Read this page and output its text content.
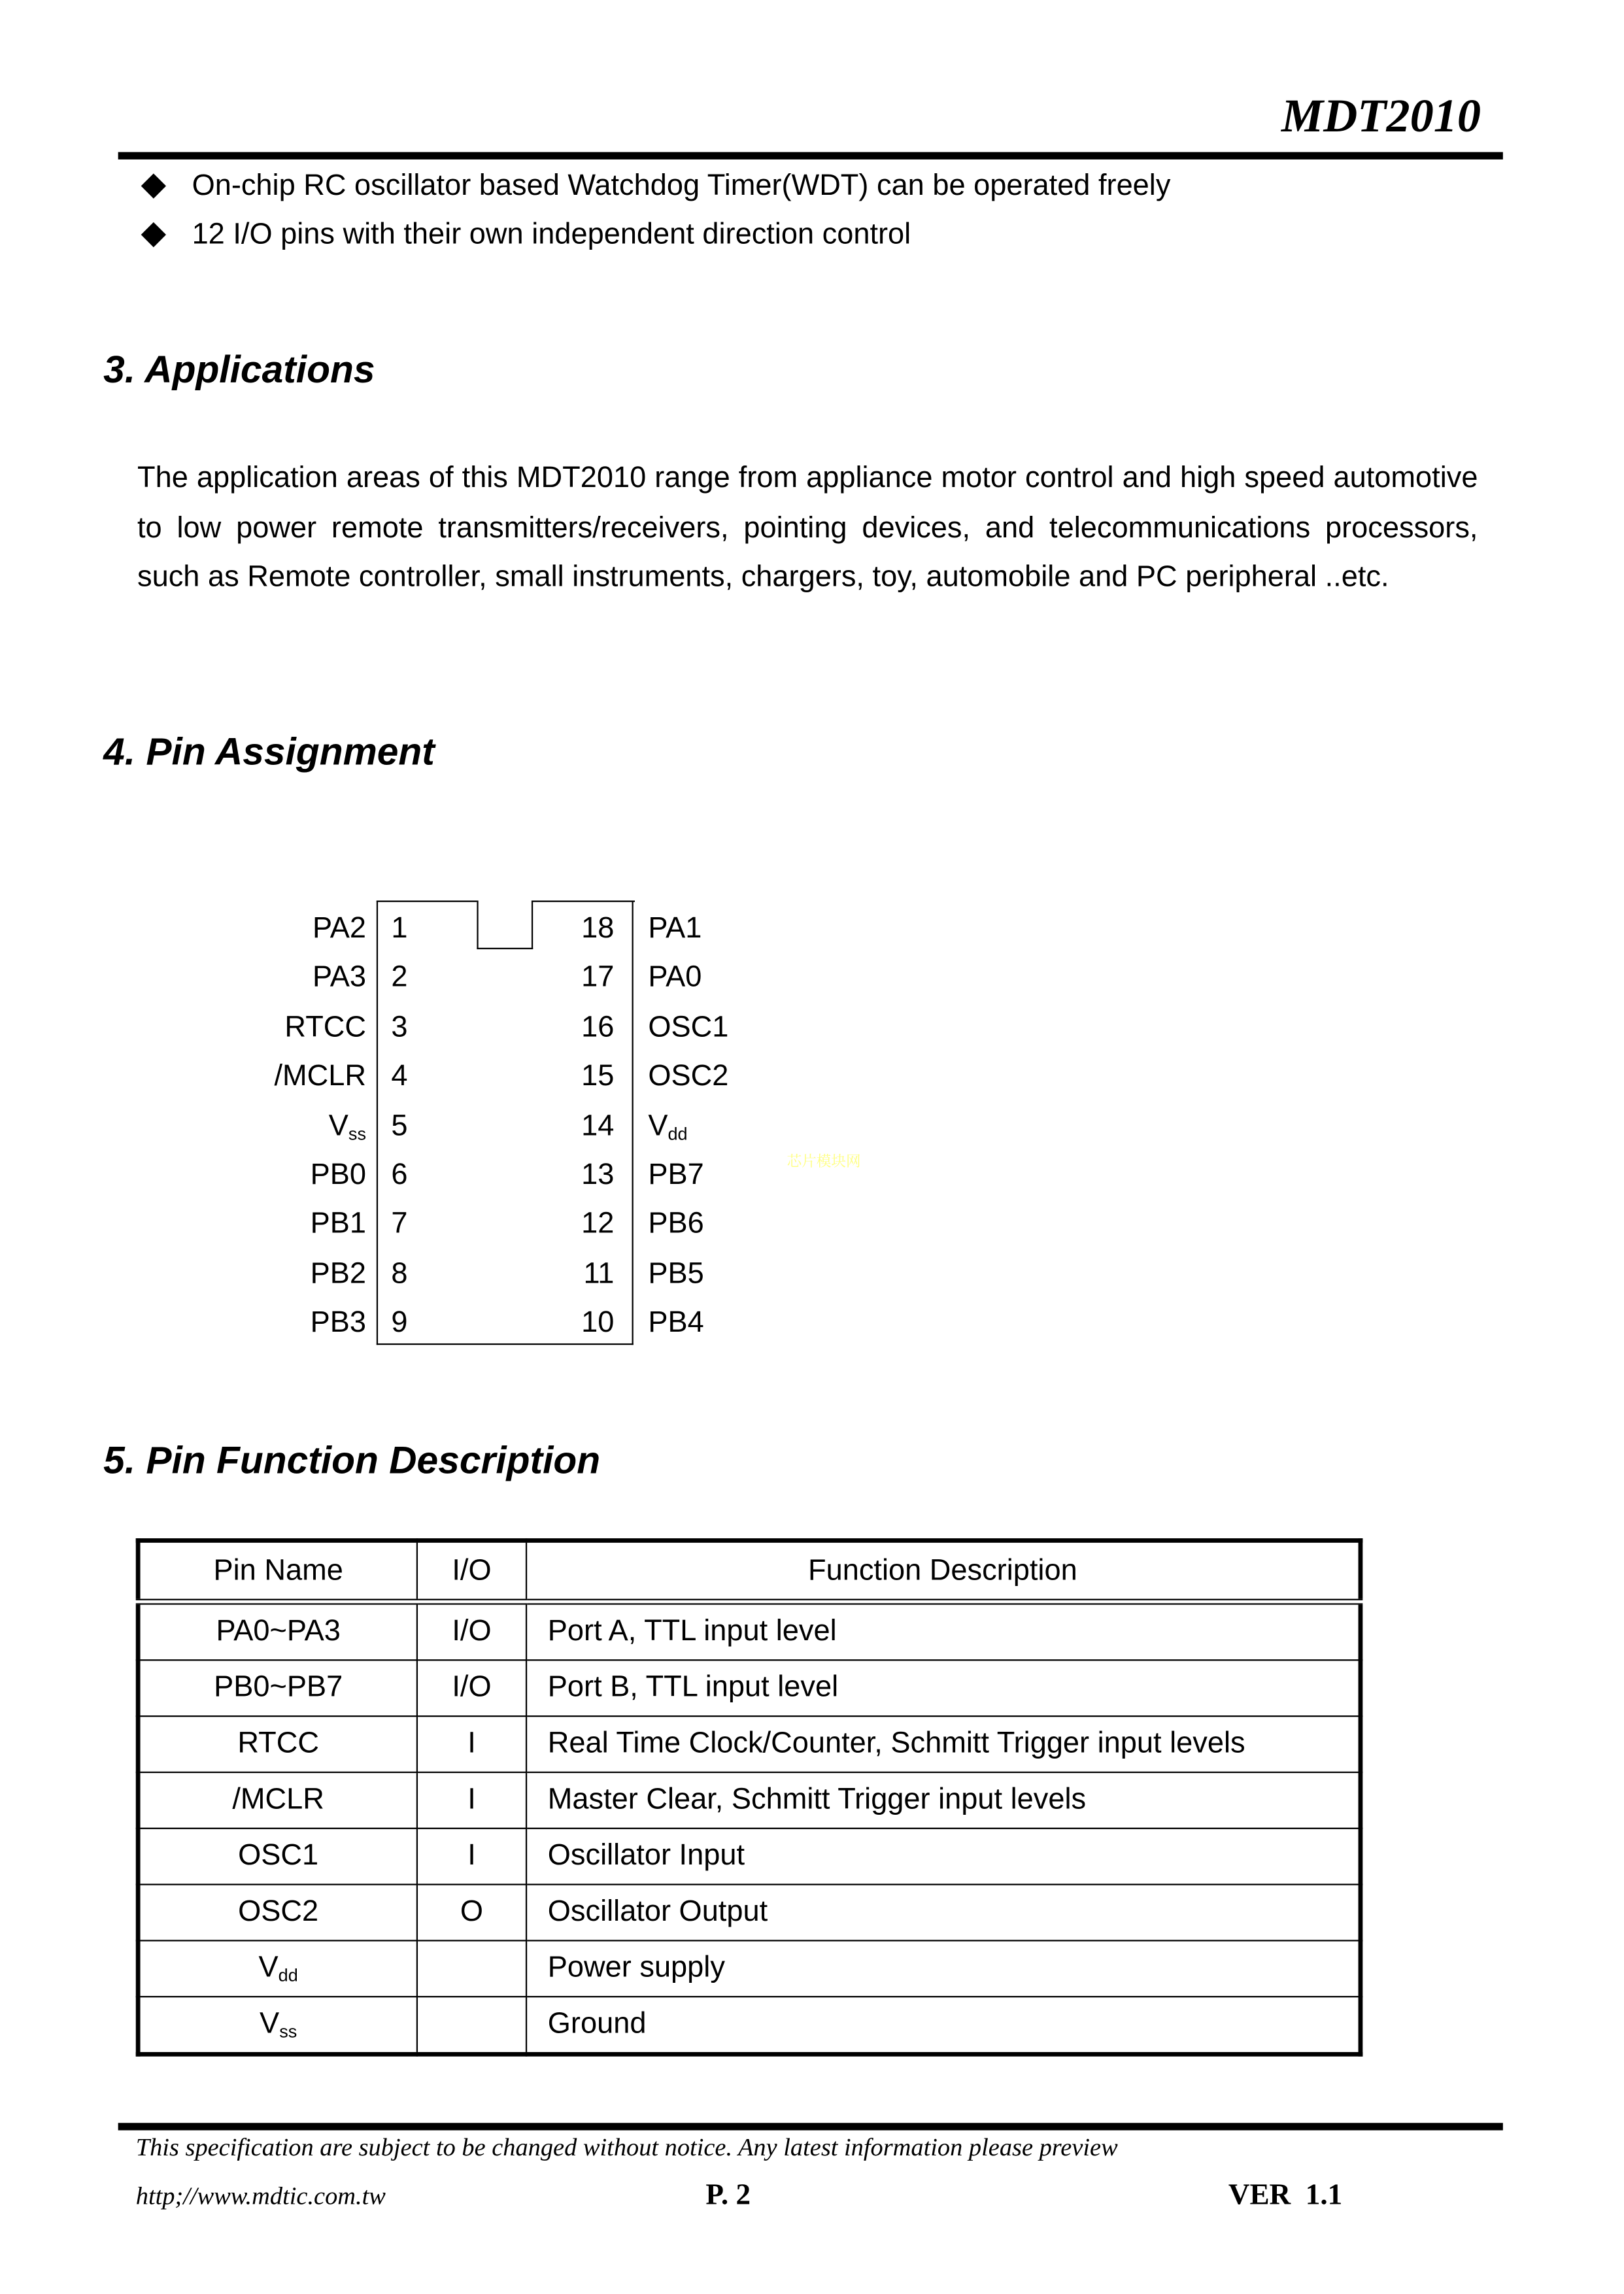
MDT2010
On-chip RC oscillator based Watchdog Timer(WDT) can be operated freely
12 I/O pins with their own independent direction control
3. Applications
The application areas of this MDT2010 range from appliance motor control and high speed automotive to low power remote transmitters/receivers, pointing devices, and telecommunications processors, such as Remote controller, small instruments, chargers, toy, automobile and PC peripheral ..etc.
4. Pin Assignment
PA2 1	18	PA1
PA3 2	17	PA0
RTCC 3	16	OSC1
/MCLR 4	15	OSC2
$V_{ss}$ 5	14	$V_{dd}$
PB0 6	13	PB7
PB1 7	12	PB6
PB2 8	11	PB5
PB3 9	10	PB4
芯片模块网
5. Pin Function Description
Pin Name	I/O	Function Description
PA0~PA3	I/O	Port A, TTL input level
PB0~PB7	I/O	Port B, TTL input level
RTCC	I	Real Time Clock/Counter, Schmitt Trigger input levels
/MCLR	I	Master Clear, Schmitt Trigger input levels
OSC1	I	Oscillator Input
OSC2	O	Oscillator Output
$V_{dd}$		Power supply
$V_{ss}$		Ground
This specification are subject to be changed without notice. Any latest information please preview
http;//www.mdtic.com.tw	P. 2	VER  1.1
